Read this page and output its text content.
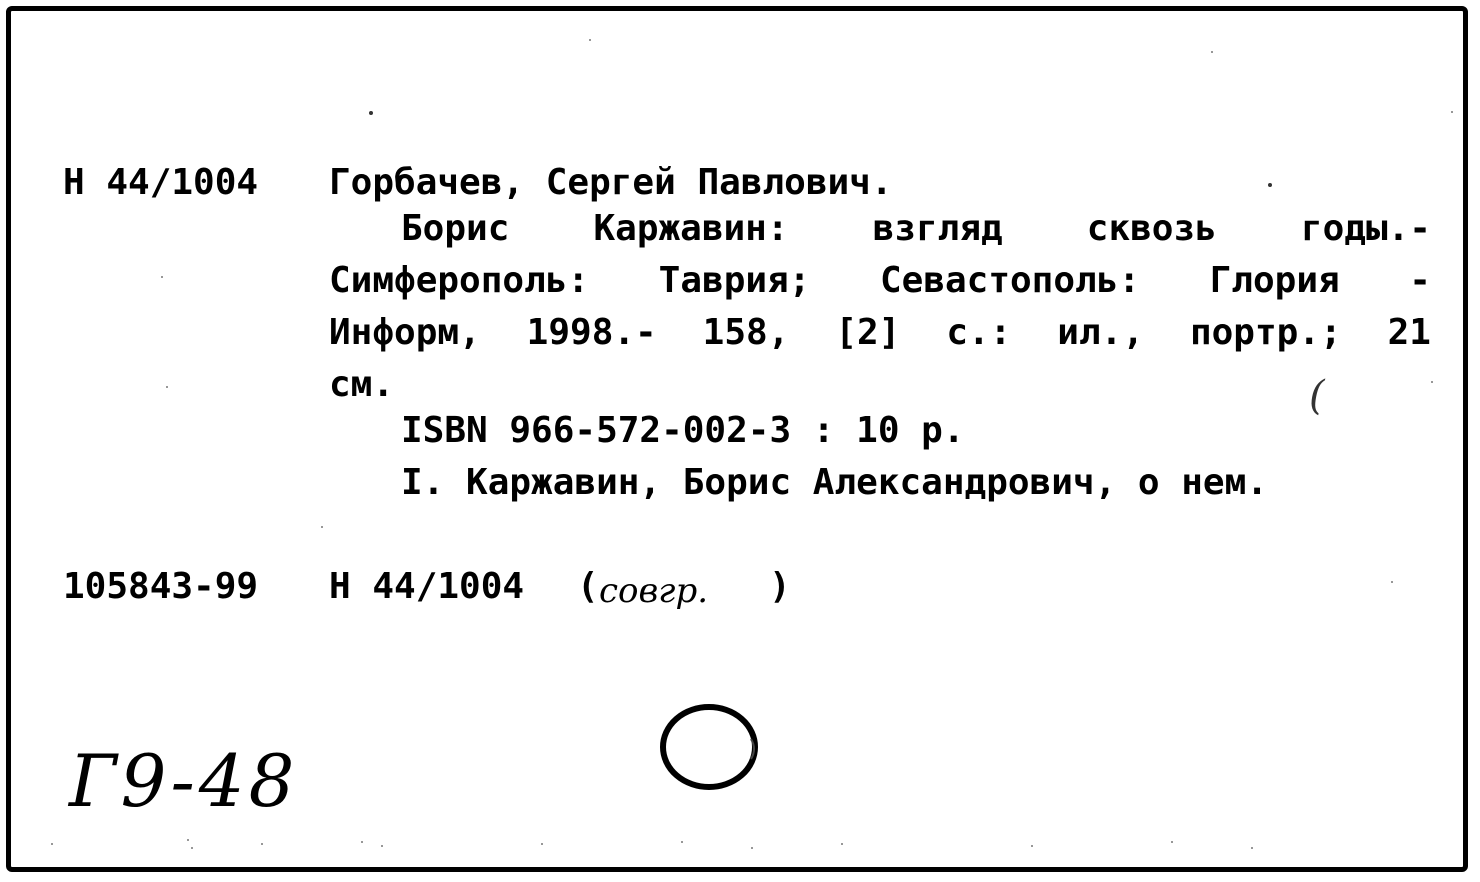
Н 44/1004 Горбачев, Сергей Павлович.
Борис Каржавин: взгляд сквозь годы.-
Симферополь: Таврия; Севастополь: Глория -
Информ, 1998.- 158, [2] с.: ил., портр.; 21
см.	(
ISBN 966-572-002-3 : 10 р.
I. Каржавин, Борис Александрович, о нем.
105843-99 Н 44/1004 ( совгр. )
Г9-48
